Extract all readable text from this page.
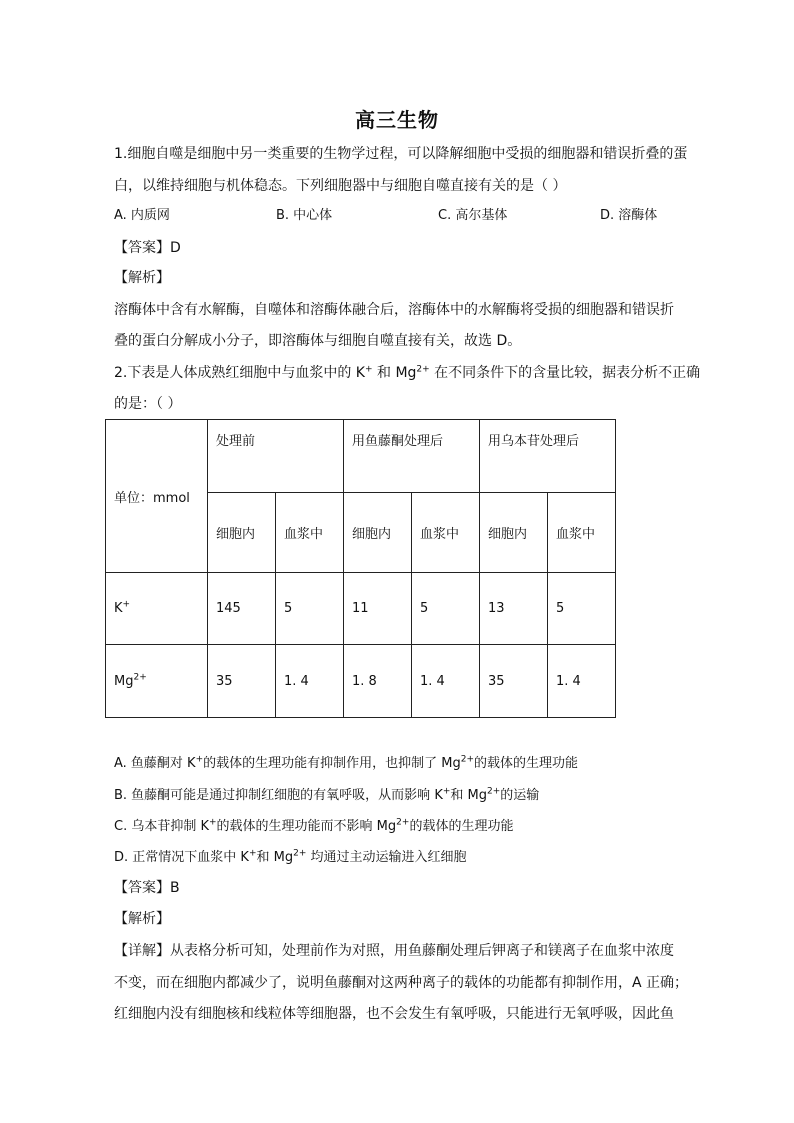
高三生物
1.细胞自噬是细胞中另一类重要的生物学过程，可以降解细胞中受损的细胞器和错误折叠的蛋
白，以维持细胞与机体稳态。下列细胞器中与细胞自噬直接有关的是（ ）
A. 内质网	B. 中心体	C. 高尔基体	D. 溶酶体
【答案】D
【解析】
溶酶体中含有水解酶，自噬体和溶酶体融合后，溶酶体中的水解酶将受损的细胞器和错误折
叠的蛋白分解成小分子，即溶酶体与细胞自噬直接有关，故选 D。
2.下表是人体成熟红细胞中与血浆中的 K+ 和 $Mg^{2+}$ 在不同条件下的含量比较，据表分析不正确
的是：（ ）
单位：mmol	处理前		用鱼藤酮处理后		用乌本苷处理后	
	细胞内	血浆中	细胞内	血浆中	细胞内	血浆中
K+	145	5	11	5	13	5
$Mg^{2+}$	35	1. 4	1. 8	1. 4	35	1. 4
A. 鱼藤酮对 K+的载体的生理功能有抑制作用，也抑制了 $Mg^{2+}$的载体的生理功能
B. 鱼藤酮可能是通过抑制红细胞的有氧呼吸，从而影响 K+和 $Mg^{2+}$的运输
C. 乌本苷抑制 K+的载体的生理功能而不影响 $Mg^{2+}$的载体的生理功能
D. 正常情况下血浆中 K+和 $Mg^{2+}$ 均通过主动运输进入红细胞
【答案】B
【解析】
【详解】从表格分析可知，处理前作为对照，用鱼藤酮处理后钾离子和镁离子在血浆中浓度
不变，而在细胞内都减少了，说明鱼藤酮对这两种离子的载体的功能都有抑制作用，A 正确；
红细胞内没有细胞核和线粒体等细胞器，也不会发生有氧呼吸，只能进行无氧呼吸，因此鱼
